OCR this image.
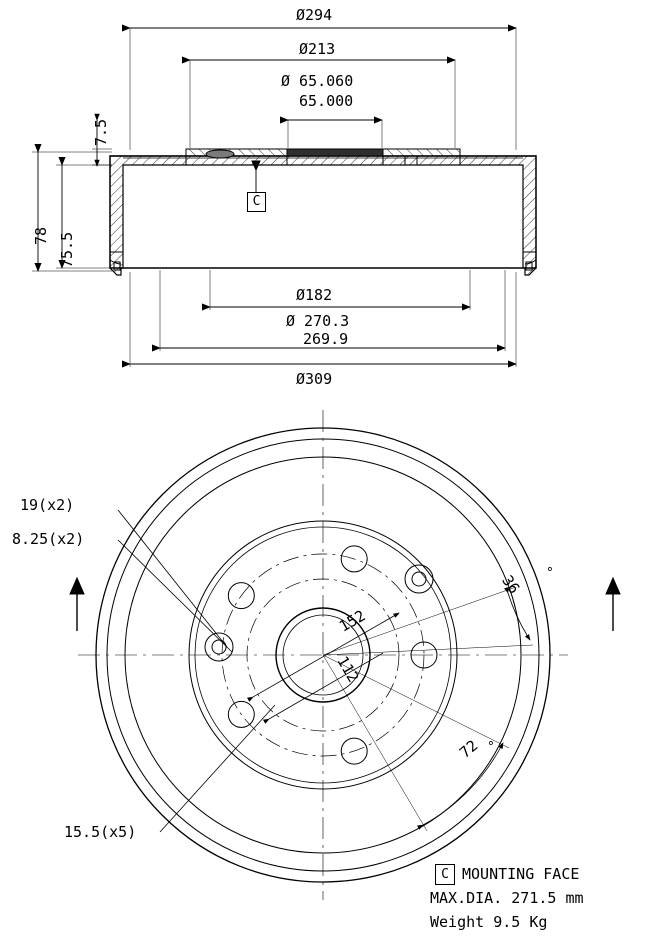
Ø294
Ø213
Ø 65.060
65.000
7.5
78 75.5
Ø182
Ø 270.3
269.9
Ø309
C
19(x2)
8.25(x2)
15.5(x5)
152
112
36 °
72 °
C MOUNTING FACE
MAX.DIA. 271.5 mm
Weight 9.5 Kg
